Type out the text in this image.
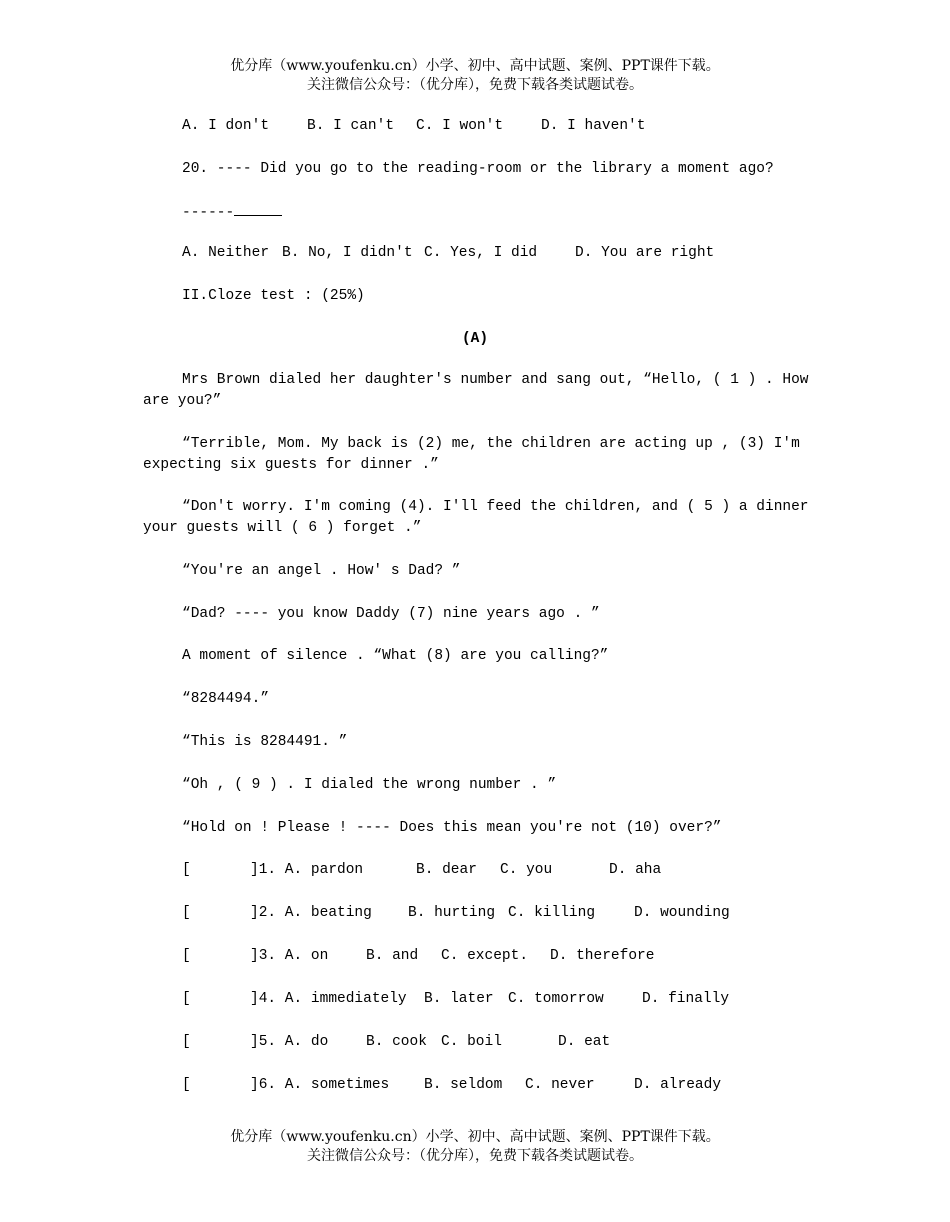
优分库（www.youfenku.cn）小学、初中、高中试题、案例、PPT课件下载。
关注微信公众号：（优分库），免费下载各类试题试卷。

A. I don't

	B. I can't

C. I won't

	D. I haven't

20. ---- Did you go to the reading-room or the library a moment ago?
------

A. Neither

B. No, I didn't

C. Yes, I did

	D. You are right

II.Cloze test : (25%)
(A)
Mrs Brown dialed her daughter's number and sang out, “Hello, ( 1 ) . How
are you?”
“Terrible, Mom. My back is (2) me, the children are acting up , (3) I'm
expecting six guests for dinner .”
“Don't worry. I'm coming (4). I'll feed the children, and ( 5 ) a dinner
your guests will ( 6 ) forget .”
“You're an angel . How' s Dad? ”
“Dad? ---- you know Daddy (7) nine years ago . ”
A moment of silence . “What (8) are you calling?”
“8284494.”
“This is 8284491. ”
“Oh , ( 9 ) . I dialed the wrong number . ”
“Hold on ! Please ! ---- Does this mean you're not (10) over?”

[

	]1. A. pardon

	B. dear

C. you

	D. aha

[

	]2. A. beating

B. hurting

C. killing

	D. wounding

[

	]3. A. on

	B. and

C. except.

D. therefore

[

	]4. A. immediately

B. later

C. tomorrow

	D. finally

[

	]5. A. do

	B. cook

C. boil

	D. eat

[

	]6. A. sometimes

B. seldom

C. never

	D. already

优分库（www.youfenku.cn）小学、初中、高中试题、案例、PPT课件下载。
关注微信公众号：（优分库），免费下载各类试题试卷。
